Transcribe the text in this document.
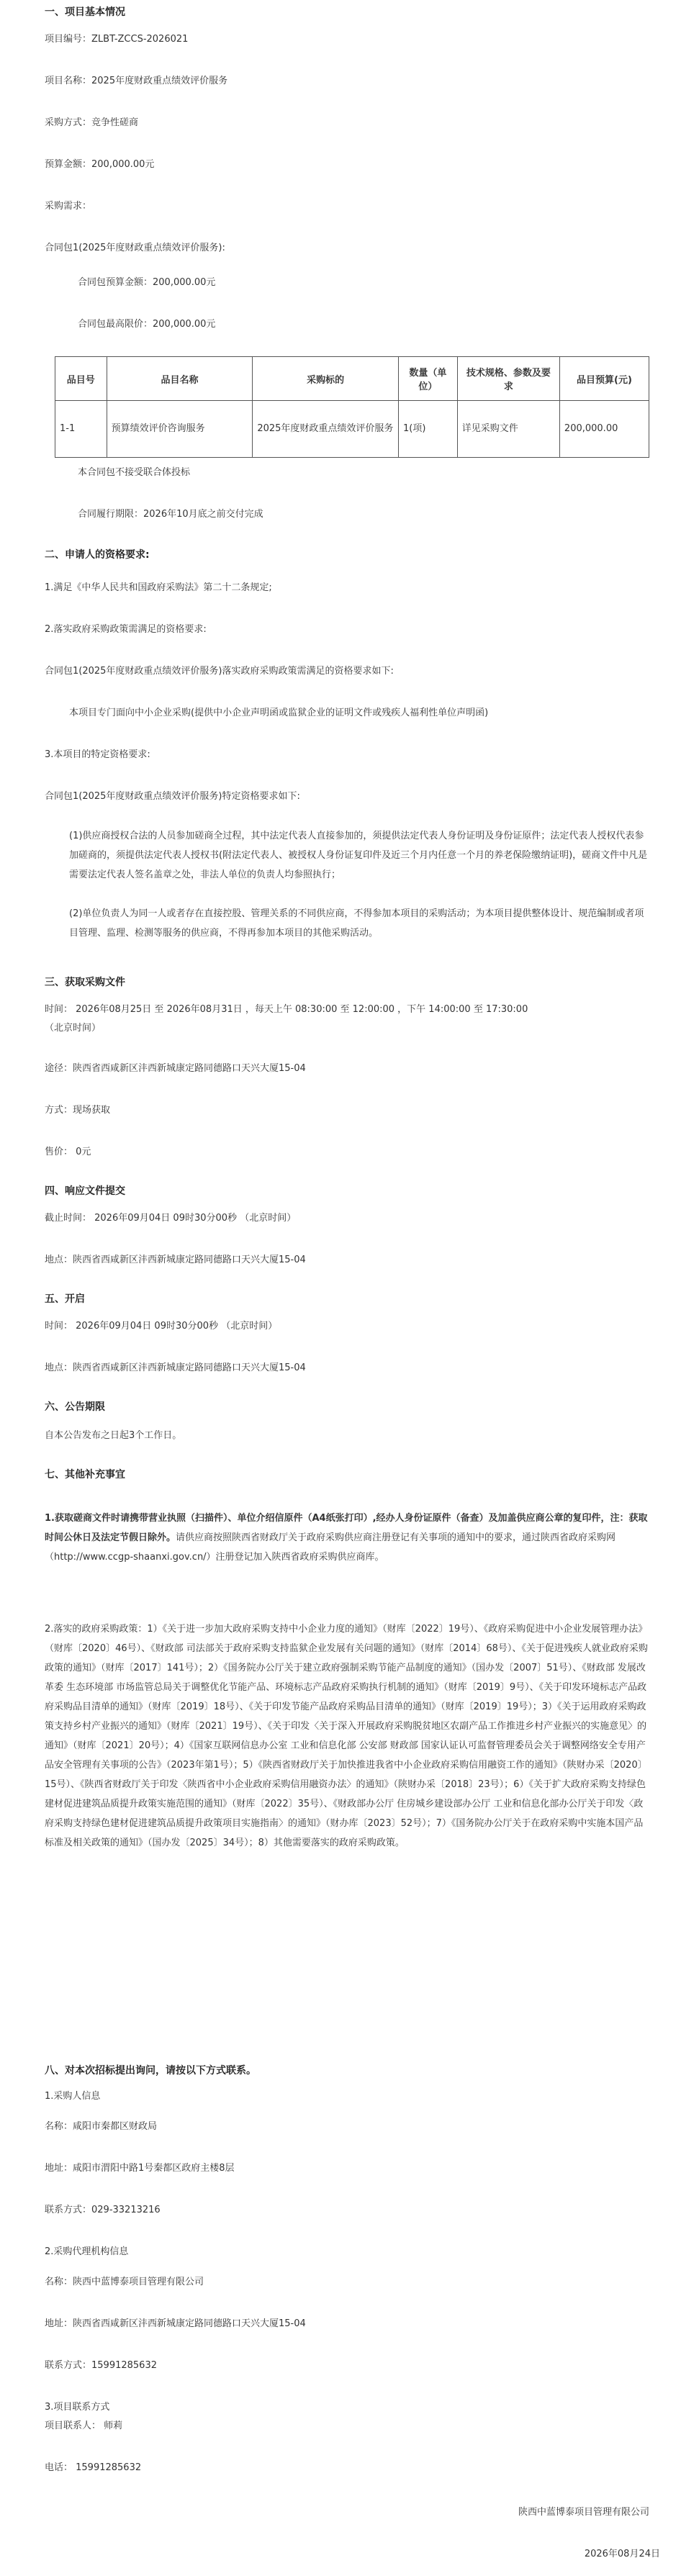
一、项目基本情况
项目编号：ZLBT-ZCCS-2026021
项目名称：2025年度财政重点绩效评价服务
采购方式：竞争性磋商
预算金额：200,000.00元
采购需求：
合同包1(2025年度财政重点绩效评价服务):
合同包预算金额：200,000.00元
合同包最高限价：200,000.00元
品目号	品目名称	采购标的	数量（单位）	技术规格、参数及要求	品目预算(元)
1-1	预算绩效评价咨询服务	2025年度财政重点绩效评价服务	1(项)	详见采购文件	200,000.00
本合同包不接受联合体投标
合同履行期限：2026年10月底之前交付完成
二、申请人的资格要求:
1.满足《中华人民共和国政府采购法》第二十二条规定;
2.落实政府采购政策需满足的资格要求:
合同包1(2025年度财政重点绩效评价服务)落实政府采购政策需满足的资格要求如下:
本项目专门面向中小企业采购(提供中小企业声明函或监狱企业的证明文件或残疾人福利性单位声明函)
3.本项目的特定资格要求:
合同包1(2025年度财政重点绩效评价服务)特定资格要求如下:
(1)供应商授权合法的人员参加磋商全过程，其中法定代表人直接参加的，须提供法定代表人身份证明及身份证原件；法定代表人授权代表参加磋商的，须提供法定代表人授权书(附法定代表人、被授权人身份证复印件及近三个月内任意一个月的养老保险缴纳证明)，磋商文件中凡是需要法定代表人签名盖章之处，非法人单位的负责人均参照执行；
(2)单位负责人为同一人或者存在直接控股、管理关系的不同供应商，不得参加本项目的采购活动；为本项目提供整体设计、规范编制或者项目管理、监理、检测等服务的供应商，不得再参加本项目的其他采购活动。
三、获取采购文件
时间： 2026年08月25日 至 2026年08月31日 ，每天上午 08:30:00 至 12:00:00 ，下午 14:00:00 至 17:30:00
（北京时间）
途径：陕西省西咸新区沣西新城康定路同德路口天兴大厦15-04
方式：现场获取
售价： 0元
四、响应文件提交
截止时间： 2026年09月04日 09时30分00秒 （北京时间）
地点：陕西省西咸新区沣西新城康定路同德路口天兴大厦15-04
五、开启
时间： 2026年09月04日 09时30分00秒 （北京时间）
地点：陕西省西咸新区沣西新城康定路同德路口天兴大厦15-04
六、公告期限
自本公告发布之日起3个工作日。
七、其他补充事宜
1.获取磋商文件时请携带营业执照（扫描件）、单位介绍信原件（A4纸张打印）,经办人身份证原件（备查）及加盖供应商公章的复印件，注：获取时间公休日及法定节假日除外。请供应商按照陕西省财政厅关于政府采购供应商注册登记有关事项的通知中的要求，通过陕西省政府采购网（http://www.ccgp-shaanxi.gov.cn/）注册登记加入陕西省政府采购供应商库。
2.落实的政府采购政策：1）《关于进一步加大政府采购支持中小企业力度的通知》（财库〔2022〕19号）、《政府采购促进中小企业发展管理办法》（财库〔2020〕46号）、《财政部 司法部关于政府采购支持监狱企业发展有关问题的通知》（财库〔2014〕68号）、《关于促进残疾人就业政府采购政策的通知》（财库〔2017〕141号）；2）《国务院办公厅关于建立政府强制采购节能产品制度的通知》（国办发〔2007〕51号）、《财政部 发展改革委 生态环境部 市场监管总局关于调整优化节能产品、环境标志产品政府采购执行机制的通知》（财库〔2019〕9号）、《关于印发环境标志产品政府采购品目清单的通知》（财库〔2019〕18号）、《关于印发节能产品政府采购品目清单的通知》（财库〔2019〕19号）；3）《关于运用政府采购政策支持乡村产业振兴的通知》（财库〔2021〕19号）、《关于印发〈关于深入开展政府采购脱贫地区农副产品工作推进乡村产业振兴的实施意见〉的通知》（财库〔2021〕20号）；4）《国家互联网信息办公室 工业和信息化部 公安部 财政部 国家认证认可监督管理委员会关于调整网络安全专用产品安全管理有关事项的公告》（2023年第1号）；5）《陕西省财政厅关于加快推进我省中小企业政府采购信用融资工作的通知》（陕财办采〔2020〕15号）、《陕西省财政厅关于印发〈陕西省中小企业政府采购信用融资办法〉的通知》（陕财办采〔2018〕23号）；6）《关于扩大政府采购支持绿色建材促进建筑品质提升政策实施范围的通知》（财库〔2022〕35号）、《财政部办公厅 住房城乡建设部办公厅 工业和信息化部办公厅关于印发〈政府采购支持绿色建材促进建筑品质提升政策项目实施指南〉的通知》（财办库〔2023〕52号）；7）《国务院办公厅关于在政府采购中实施本国产品标准及相关政策的通知》（国办发〔2025〕34号）；8）其他需要落实的政府采购政策。
八、对本次招标提出询问，请按以下方式联系。
1.采购人信息
名称：咸阳市秦都区财政局
地址：咸阳市渭阳中路1号秦都区政府主楼8层
联系方式：029-33213216
2.采购代理机构信息
名称：陕西中蓝博泰项目管理有限公司
地址：陕西省西咸新区沣西新城康定路同德路口天兴大厦15-04
联系方式：15991285632
3.项目联系方式
项目联系人： 师莉
电话： 15991285632
陕西中蓝博泰项目管理有限公司
2026年08月24日
